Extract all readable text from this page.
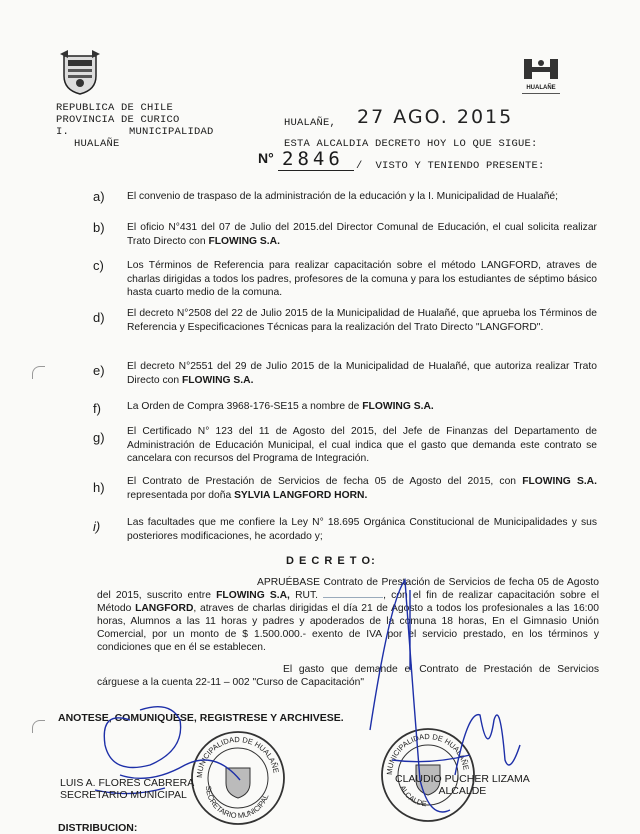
HUALAÑE
REPUBLICA DE CHILE
PROVINCIA DE CURICO
I.	MUNICIPALIDAD
HUALAÑE
HUALAÑE, 27 AGO. 2015
ESTA ALCALDIA DECRETO HOY LO QUE SIGUE:
N° 2846 /  VISTO Y TENIENDO PRESENTE:
a) El convenio de traspaso de la administración de la educación y la I. Municipalidad de Hualañé;
b) El oficio N°431 del 07 de Julio del 2015.del Director Comunal de Educación, el cual solicita realizar Trato Directo con FLOWING S.A.
c) Los Términos de Referencia para realizar capacitación sobre el método LANGFORD, atraves de charlas dirigidas a todos los padres, profesores de la comuna y para los estudiantes de séptimo básico hasta cuarto medio de la comuna.
d) El decreto N°2508 del 22 de Julio 2015 de la Municipalidad de Hualañé, que aprueba los Términos de Referencia y Especificaciones Técnicas para la realización del Trato Directo "LANGFORD".
e) El decreto N°2551 del 29 de Julio 2015 de la Municipalidad de Hualañé, que autoriza realizar Trato Directo con FLOWING S.A.
f)	La Orden de Compra 3968-176-SE15 a nombre de FLOWING S.A.
g) El Certificado N° 123 del 11 de Agosto del 2015, del Jefe de Finanzas del Departamento de Administración de Educación Municipal, el cual indica que el gasto que demanda este contrato se cancelara con recursos del Programa de Integración.
h) El Contrato de Prestación de Servicios de fecha 05 de Agosto del 2015, con FLOWING S.A. representada por doña SYLVIA LANGFORD HORN.
i)	Las facultades que me confiere la Ley N° 18.695 Orgánica Constitucional de Municipalidades y sus posteriores modificaciones, he acordado y;
D E C R E T O:
APRUÉBASE Contrato de Prestación de Servicios de fecha 05 de Agosto del 2015, suscrito entre FLOWING S.A, RUT.	, con el fin de realizar capacitación sobre el Método LANGFORD, atraves de charlas dirigidas el día 21 de Agosto a todos los profesionales a las 16:00 horas, Alumnos a las 11 horas y padres y apoderados de la comuna 18 horas, En el Gimnasio Unión Comercial, por un monto de $ 1.500.000.- exento de IVA por el servicio prestado, en los términos y condiciones que en él se establecen.
El gasto que demande el Contrato de Prestación de Servicios cárguese a la cuenta 22-11 – 002 "Curso de Capacitación"
ANOTESE, COMUNIQUESE, REGISTRESE Y ARCHIVESE.
MUNICIPALIDAD DE HUALAÑE
SECRETARIO MUNICIPAL
MUNICIPALIDAD DE HUALAÑE
ALCALDE
LUIS A. FLORES CABRERA
SECRETARIO MUNICIPAL
CLAUDIO PUCHER LIZAMA
ALCALDE
DISTRIBUCION:
